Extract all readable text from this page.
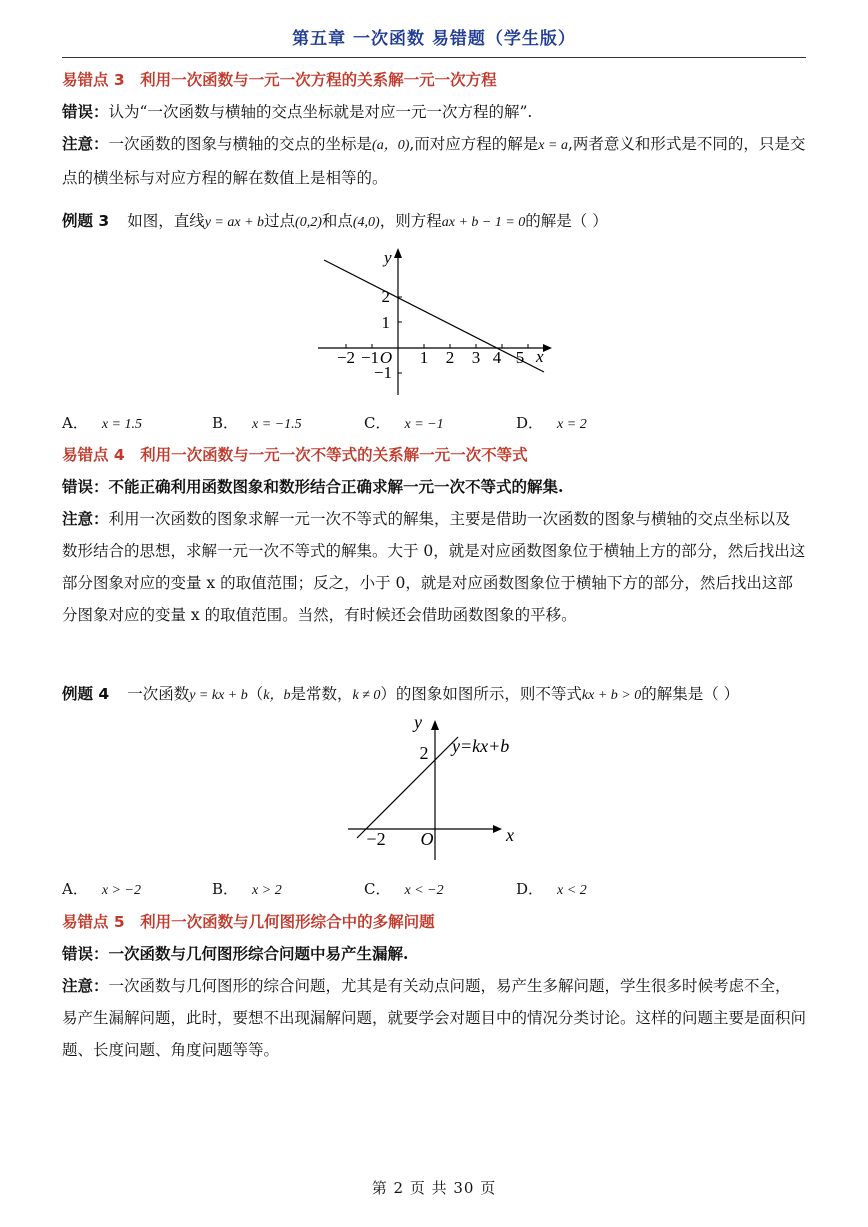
第五章 一次函数 易错题（学生版）
易错点 3　利用一次函数与一元一次方程的关系解一元一次方程
错误：认为“一次函数与横轴的交点坐标就是对应一元一次方程的解”.
注意：一次函数的图象与横轴的交点的坐标是(a，0),而对应方程的解是x = a,两者意义和形式是不同的，只是交点的横坐标与对应方程的解在数值上是相等的。
例题 3 如图，直线y = ax + b过点(0,2)和点(4,0)，则方程ax + b − 1 = 0的解是（ ）
−2 −1 O 1 2 3 4 5 x
y
2
1
−1
A． x = 1.5	B． x = −1.5	C． x = −1	D． x = 2
易错点 4　利用一次函数与一元一次不等式的关系解一元一次不等式
错误：不能正确利用函数图象和数形结合正确求解一元一次不等式的解集.
注意：利用一次函数的图象求解一元一次不等式的解集，主要是借助一次函数的图象与横轴的交点坐标以及数形结合的思想，求解一元一次不等式的解集。大于 0，就是对应函数图象位于横轴上方的部分，然后找出这部分图象对应的变量 x 的取值范围；反之，小于 0，就是对应函数图象位于横轴下方的部分，然后找出这部分图象对应的变量 x 的取值范围。当然，有时候还会借助函数图象的平移。
例题 4 一次函数y = kx + b（k，b是常数，k ≠ 0）的图象如图所示，则不等式kx + b > 0的解集是（ ）
y
2 y=kx+b
−2 O	x
A． x > −2	B． x > 2	C． x < −2	D． x < 2
易错点 5　利用一次函数与几何图形综合中的多解问题
错误：一次函数与几何图形综合问题中易产生漏解.
注意：一次函数与几何图形的综合问题，尤其是有关动点问题，易产生多解问题，学生很多时候考虑不全，易产生漏解问题，此时，要想不出现漏解问题，就要学会对题目中的情况分类讨论。这样的问题主要是面积问题、长度问题、角度问题等等。
第 2 页 共 30 页
